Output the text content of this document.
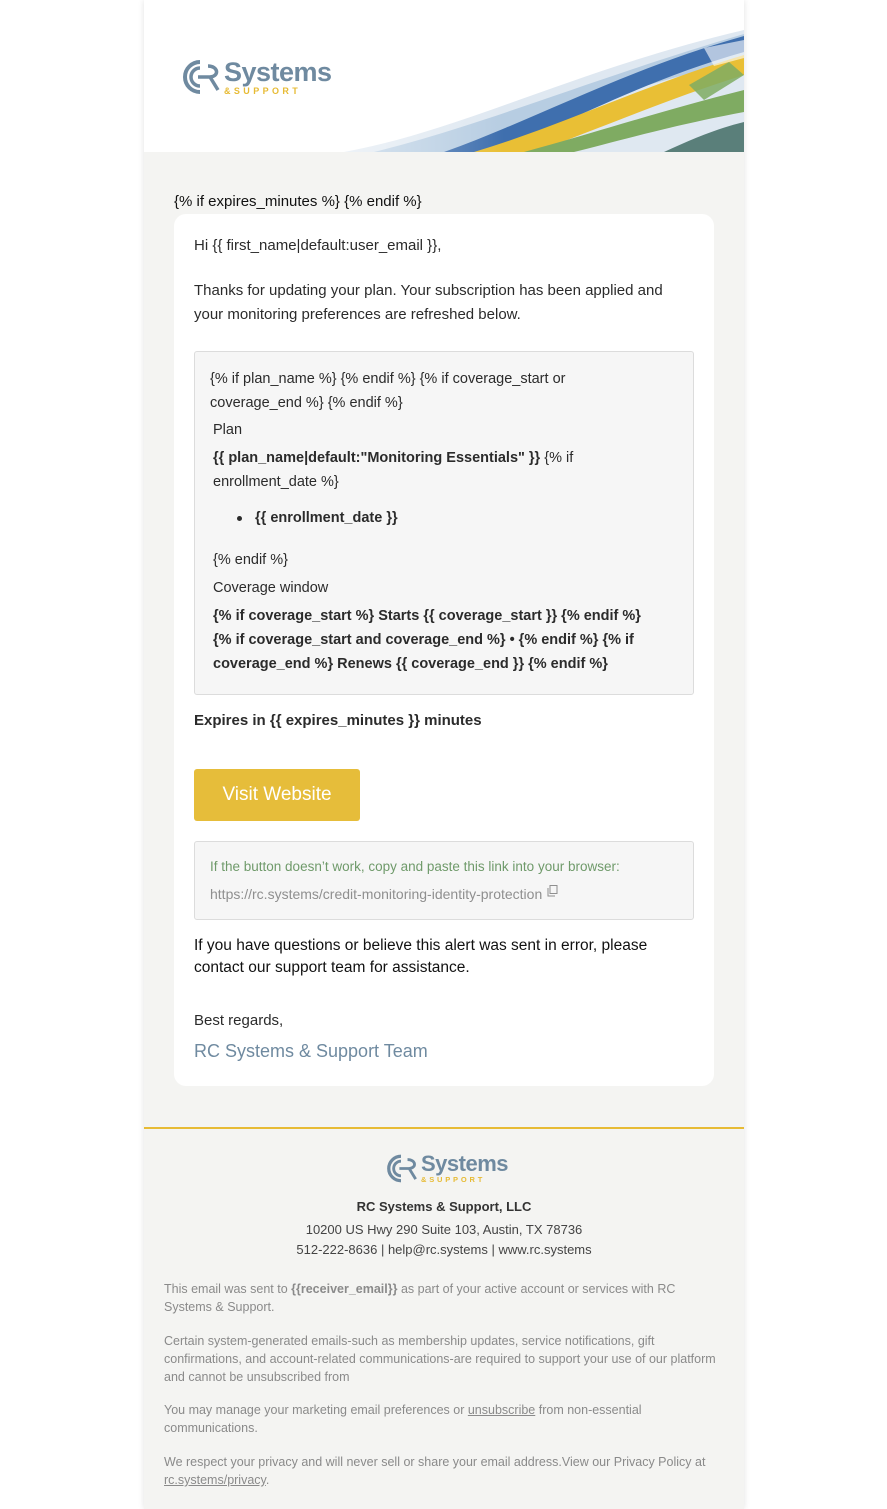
Systems
&SUPPORT
{% if expires_minutes %} {% endif %}
Hi {{ first_name|default:user_email }},
Thanks for updating your plan. Your subscription has been applied and your monitoring preferences are refreshed below.
{% if plan_name %} {% endif %} {% if coverage_start or
coverage_end %} {% endif %}
Plan
{{ plan_name|default:"Monitoring Essentials" }} {% if
enrollment_date %}
{{ enrollment_date }}
{% endif %}
Coverage window
{% if coverage_start %} Starts {{ coverage_start }} {% endif %}
{% if coverage_start and coverage_end %} • {% endif %} {% if
coverage_end %} Renews {{ coverage_end }} {% endif %}
Expires in {{ expires_minutes }} minutes
Visit Website
If the button doesn’t work, copy and paste this link into your browser:
https://rc.systems/credit-monitoring-identity-protection
If you have questions or believe this alert was sent in error, please contact our support team for assistance.
Best regards,
RC Systems & Support Team
Systems
&SUPPORT
RC Systems & Support, LLC
10200 US Hwy 290 Suite 103, Austin, TX 78736
512-222-8636 | help@rc.systems | www.rc.systems
This email was sent to {{receiver_email}} as part of your active account or services with RC Systems & Support.
Certain system-generated emails-such as membership updates, service notifications, gift confirmations, and account-related communications-are required to support your use of our platform and cannot be unsubscribed from
You may manage your marketing email preferences or unsubscribe from non-essential communications.
We respect your privacy and will never sell or share your email address.View our Privacy Policy at rc.systems/privacy.
